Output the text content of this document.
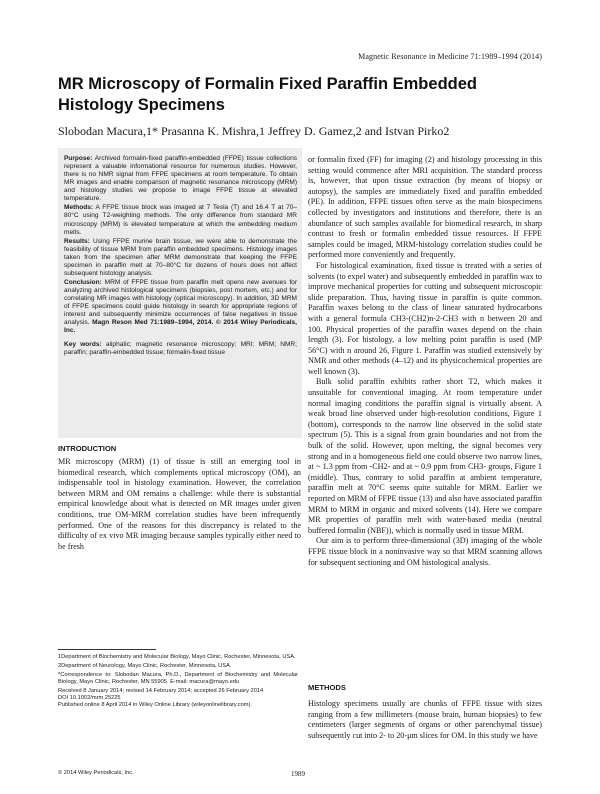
Magnetic Resonance in Medicine 71:1989–1994 (2014)
MR Microscopy of Formalin Fixed Paraffin Embedded Histology Specimens
Slobodan Macura,1* Prasanna K. Mishra,1 Jeffrey D. Gamez,2 and Istvan Pirko2

Purpose: Archived formalin-fixed paraffin-embedded (FFPE) tissue collections represent a valuable informational resource for numerous studies. However, there is no NMR signal from FFPE specimens at room temperature. To obtain MR images and enable comparison of magnetic resonance microscopy (MRM) and histology studies we propose to image FFPE tissue at elevated temperature.

Methods: A FFPE tissue block was imaged at 7 Tesla (T) and 16.4 T at 70–80°C using T2-weighting methods. The only difference from standard MR microscopy (MRM) is elevated temperature at which the embedding medium melts.

Results: Using FFPE murine brain tissue, we were able to demonstrate the feasibility of tissue MRM from paraffin embedded specimens. Histology images taken from the specimen after MRM demonstrate that keeping the FFPE specimen in paraffin melt at 70–80°C for dozens of hours does not affect subsequent histology analysis.

Conclusion: MRM of FFPE tissue from paraffin melt opens new avenues for analyzing archived histological specimens (biopsies, post mortem, etc.) and for correlating MR images with histology (optical microscopy). In addition, 3D MRM of FFPE specimens could guide histology in search for appropriate regions of interest and subsequently minimize occurrences of false negatives in tissue analysis. Magn Reson Med 71:1989–1994, 2014. © 2014 Wiley Periodicals, Inc.

Key words: aliphatic; magnetic resonance microscopy; MRI; MRM; NMR; paraffin; paraffin-embedded tissue; formalin-fixed tissue

INTRODUCTION

MR microscopy (MRM) (1) of tissue is still an emerging tool in biomedical research, which complements optical microscopy (OM), an indispensable tool in histology examination. However, the correlation between MRM and OM remains a challenge: while there is substantial empirical knowledge about what is detected on MR images under given conditions, true OM-MRM correlation studies have been infrequently performed. One of the reasons for this discrepancy is related to the difficulty of ex vivo MR imaging because samples typically either need to be fresh

1Department of Biochemistry and Molecular Biology, Mayo Clinic, Rochester, Minnesota, USA.

2Department of Neurology, Mayo Clinic, Rochester, Minnesota, USA.

*Correspondence to: Slobodan Macura, Ph.D., Department of Biochemistry and Molecular Biology, Mayo Clinic, Rochester, MN 55905. E-mail: macura@mayo.edu

Received 8 January 2014; revised 14 February 2014; accepted 26 February 2014

DOI 10.1002/mrm.25225

Published online 8 April 2014 in Wiley Online Library (wileyonlinelibrary.com).

or formalin fixed (FF) for imaging (2) and histology processing in this setting would commence after MRI acquisition. The standard process is, however, that upon tissue extraction (by means of biopsy or autopsy), the samples are immediately fixed and paraffin embedded (PE). In addition, FFPE tissues often serve as the main biospecimens collected by investigators and institutions and therefore, there is an abundance of such samples available for biomedical research, in sharp contrast to fresh or formalin embedded tissue resources. If FFPE samples could be imaged, MRM-histology correlation studies could be performed more conveniently and frequently.

For histological examination, fixed tissue is treated with a series of solvents (to expel water) and subsequently embedded in paraffin wax to improve mechanical properties for cutting and subsequent microscopic slide preparation. Thus, having tissue in paraffin is quite common. Paraffin waxes belong to the class of linear saturated hydrocarbons with a general formula CH3-(CH2)n-2-CH3 with n between 20 and 100. Physical properties of the paraffin waxes depend on the chain length (3). For histology, a low melting point paraffin is used (MP 56°C) with n around 26, Figure 1. Paraffin was studied extensively by NMR and other methods (4–12) and its physicochemical properties are well known (3).

Bulk solid paraffin exhibits rather short T2, which makes it unsuitable for conventional imaging. At room temperature under normal imaging conditions the paraffin signal is virtually absent. A weak broad line observed under high-resolution conditions, Figure 1 (bottom), corresponds to the narrow line observed in the solid state spectrum (5). This is a signal from grain boundaries and not from the bulk of the solid. However, upon melting, the signal becomes very strong and in a homogeneous field one could observe two narrow lines, at ~ 1.3 ppm from -CH2- and at ~ 0.9 ppm from CH3- groups, Figure 1 (middle). Thus, contrary to solid paraffin at ambient temperature, paraffin melt at 70°C seems quite suitable for MRM. Earlier we reported on MRM of FFPE tissue (13) and also have associated paraffin MRM to MRM in organic and mixed solvents (14). Here we compare MR properties of paraffin melt with water-based media (neutral buffered formalin (NBF)), which is normally used in tissue MRM.

Our aim is to perform three-dimensional (3D) imaging of the whole FFPE tissue block in a noninvasive way so that MRM scanning allows for subsequent sectioning and OM histological analysis.

METHODS

Histology specimens usually are chunks of FFPE tissue with sizes ranging from a few millimeters (mouse brain, human biopsies) to few centimeters (larger segments of organs or other parenchymal tissue) subsequently cut into 2- to 20-μm slices for OM. In this study we have

© 2014 Wiley Periodicals, Inc.	1989
